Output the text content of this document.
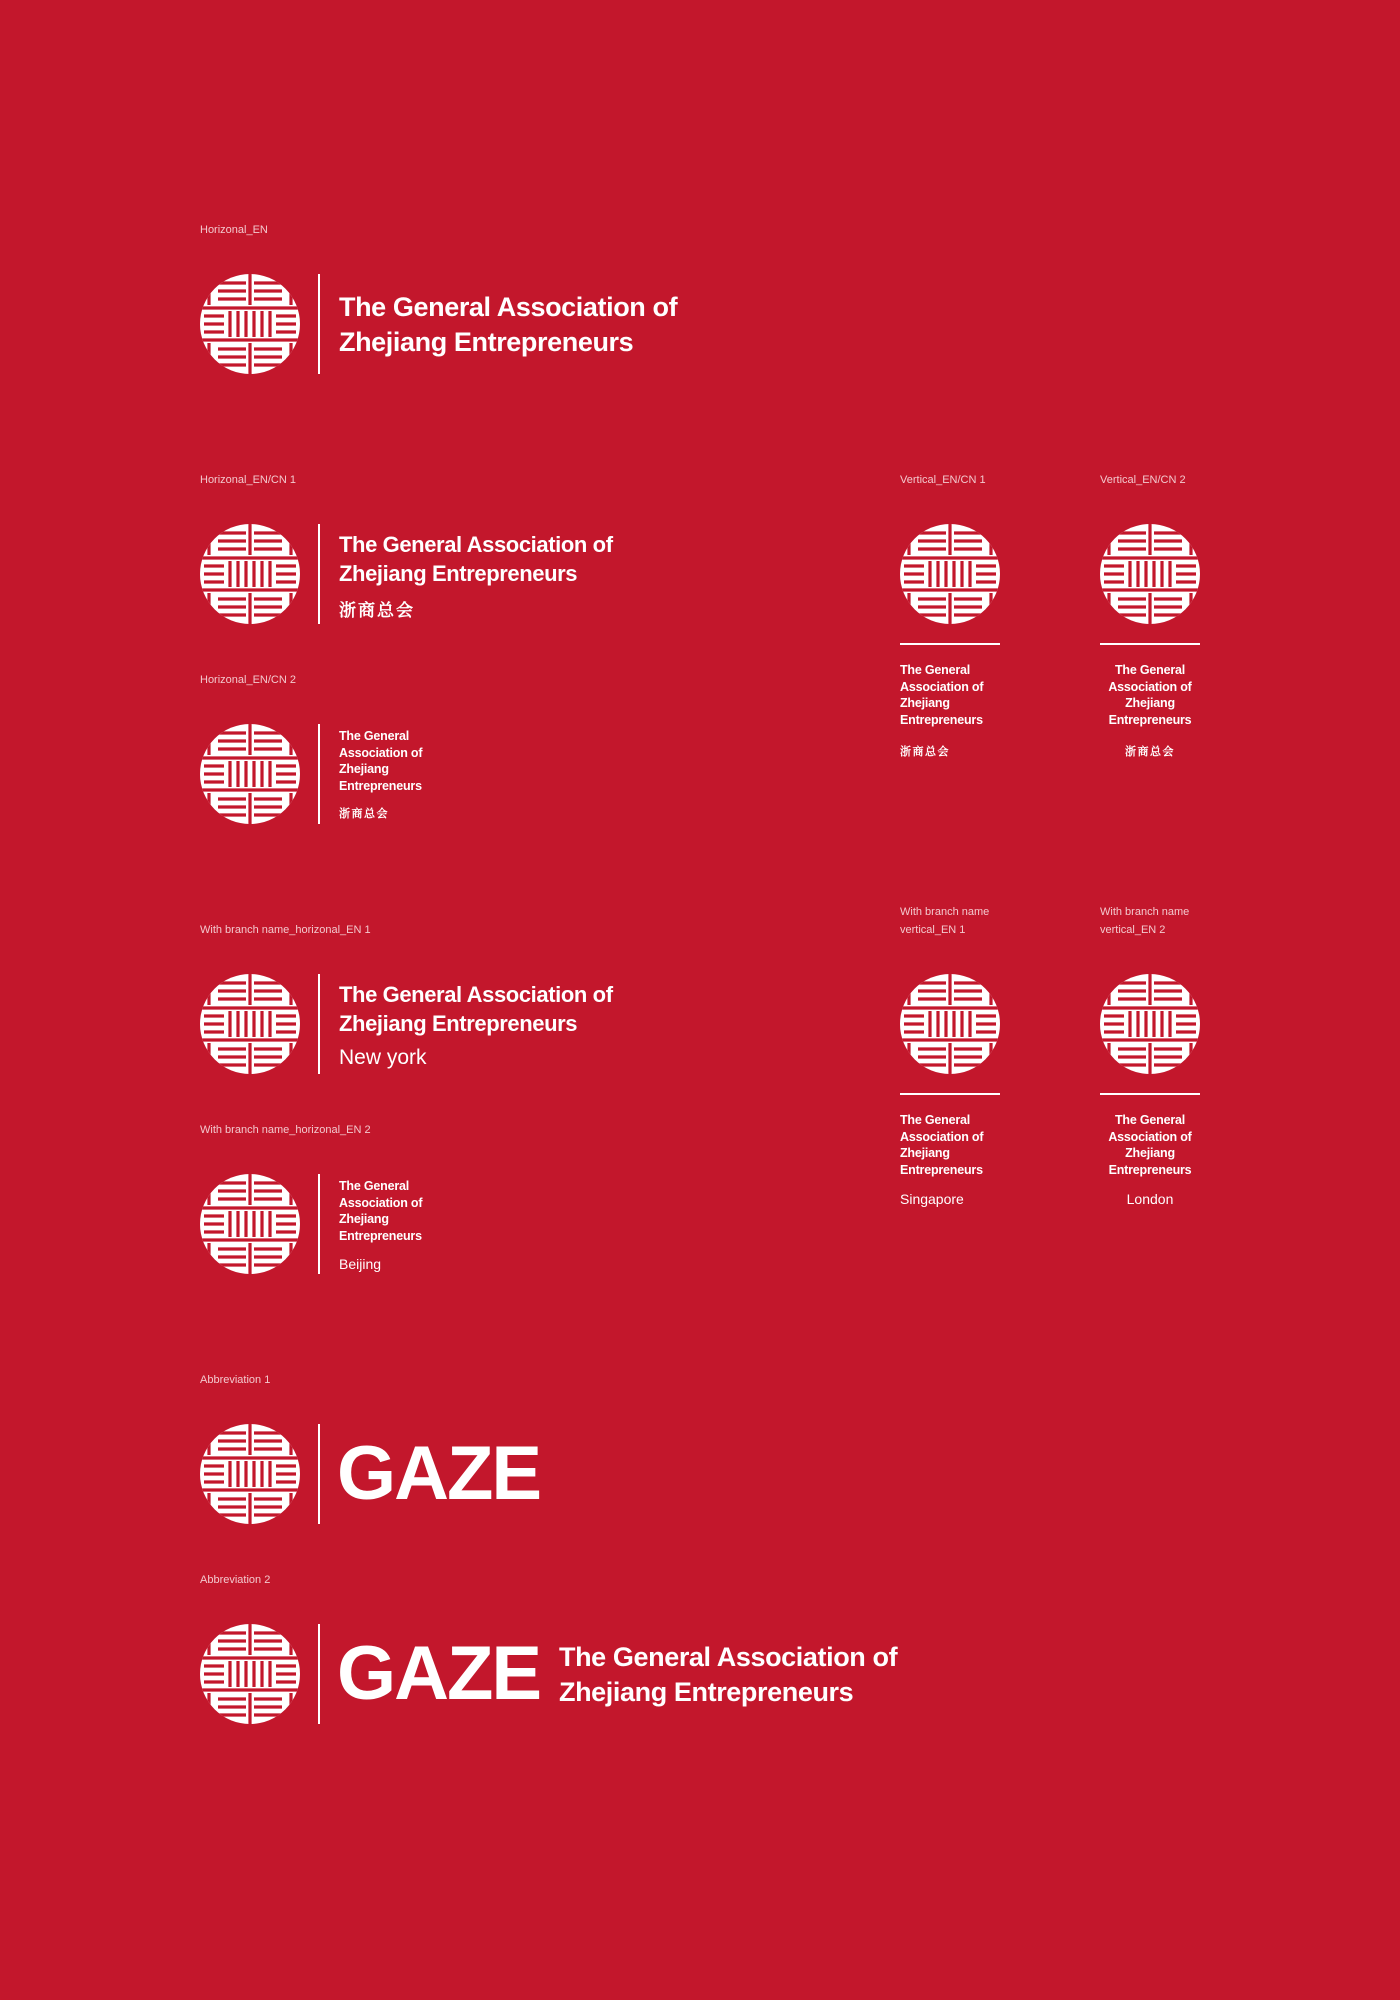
Horizonal_EN
The General Association of
Zhejiang Entrepreneurs
Horizonal_EN/CN 1
The General Association of
Zhejiang Entrepreneurs
浙商总会
Horizonal_EN/CN 2
The General
Association of
Zhejiang
Entrepreneurs
浙商总会
Vertical_EN/CN 1
The General
Association of
Zhejiang
Entrepreneurs
浙商总会
Vertical_EN/CN 2
The General
Association of
Zhejiang
Entrepreneurs
浙商总会
With branch name_horizonal_EN 1
The General Association of
Zhejiang Entrepreneurs
New york
With branch name_horizonal_EN 2
The General
Association of
Zhejiang
Entrepreneurs
Beijing
With branch name
vertical_EN 1
The General
Association of
Zhejiang
Entrepreneurs
Singapore
With branch name
vertical_EN 2
The General
Association of
Zhejiang
Entrepreneurs
London
Abbreviation 1
GAZE
Abbreviation 2
GAZE The General Association of
Zhejiang Entrepreneurs
